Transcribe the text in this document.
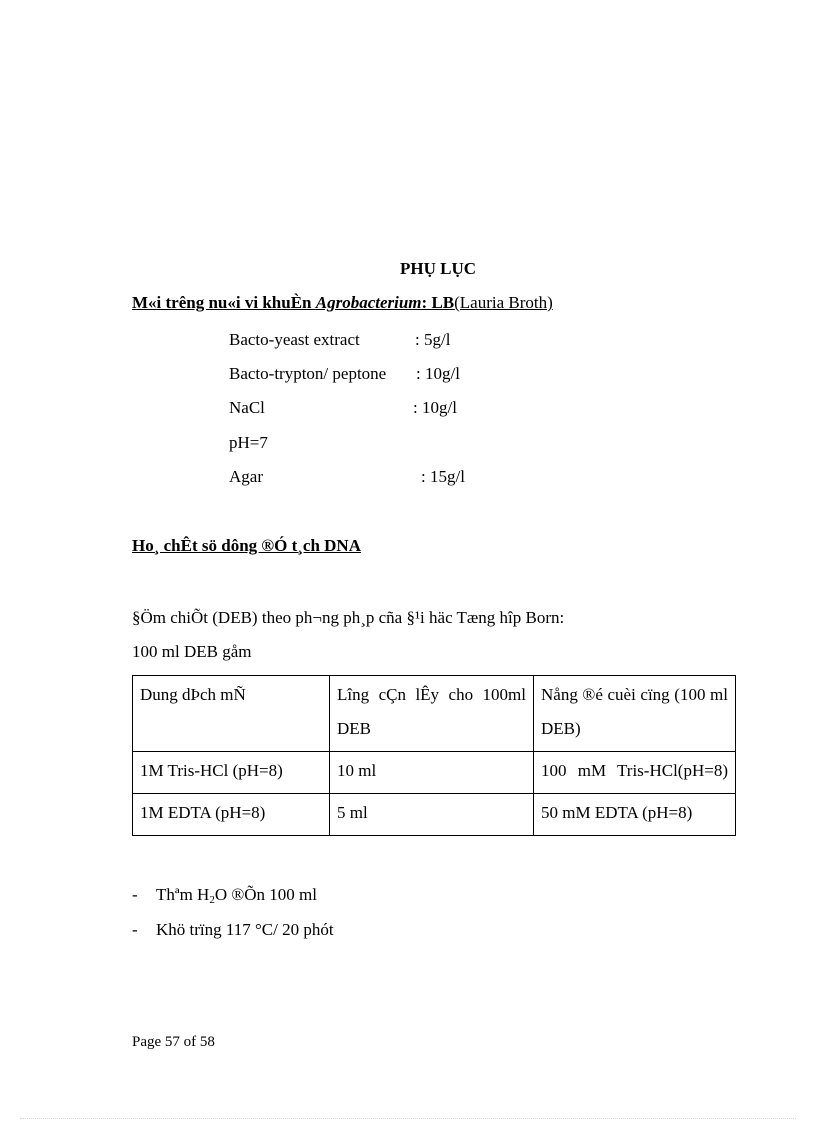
PHỤ LỤC
M«i trêng nu«i vi khuÈn Agrobacterium: LB(Lauria Broth)
Bacto-yeast extract	: 5g/l
Bacto-trypton/ peptone : 10g/l
NaCl	: 10g/l
pH=7
Agar	: 15g/l
Ho¸ chÊt sö dông ®Ó t¸ch DNA
§Öm chiÕt (DEB) theo ph¬ng ph¸p cña §¹i häc Tæng hîp Born:
100 ml DEB gåm
Dung dÞch mÑ	Lîng cÇn lÊy cho 100ml DEB	Nång ®é cuèi cïng (100 ml DEB)
1M Tris-HCl (pH=8)	10 ml	100 mM Tris-HCl(pH=8)
1M EDTA (pH=8)	5 ml	50 mM EDTA (pH=8)
- Thªm $H_2O$ ®Õn 100 ml
- Khö trïng 117 °C/ 20 phót
Page 57 of 58
